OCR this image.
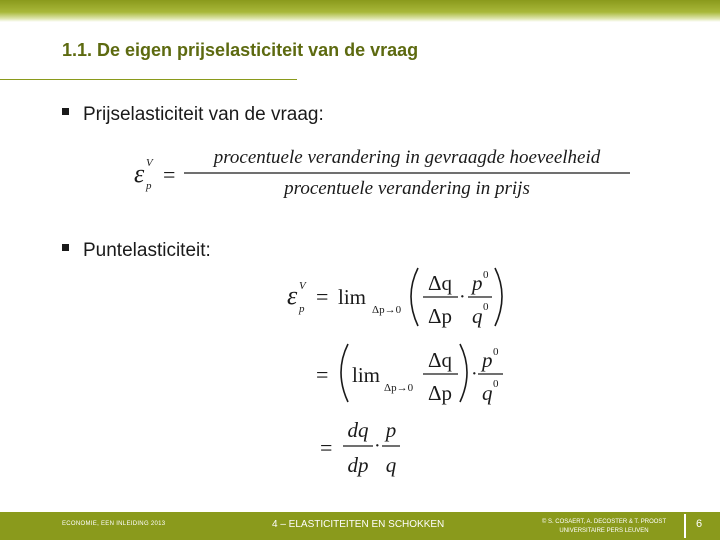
1.1. De eigen prijselasticiteit van de vraag
Prijselasticiteit van de vraag:
ε V
p =
procentuele verandering in gevraagde hoeveelheid
procentuele verandering in prijs
Puntelasticiteit:
ε V
p = lim
Δp→0
Δq
Δp
·
p 0
q 0
= lim
Δp→0
Δq
Δp
·
p 0
q 0
=
dq
dp
·
p
q
ECONOMIE, EEN INLEIDING 2013	4 – ELASTICITEITEN EN SCHOKKEN	© S. COSAERT, A. DECOSTER & T. PROOST
UNIVERSITAIRE PERS LEUVEN
6
